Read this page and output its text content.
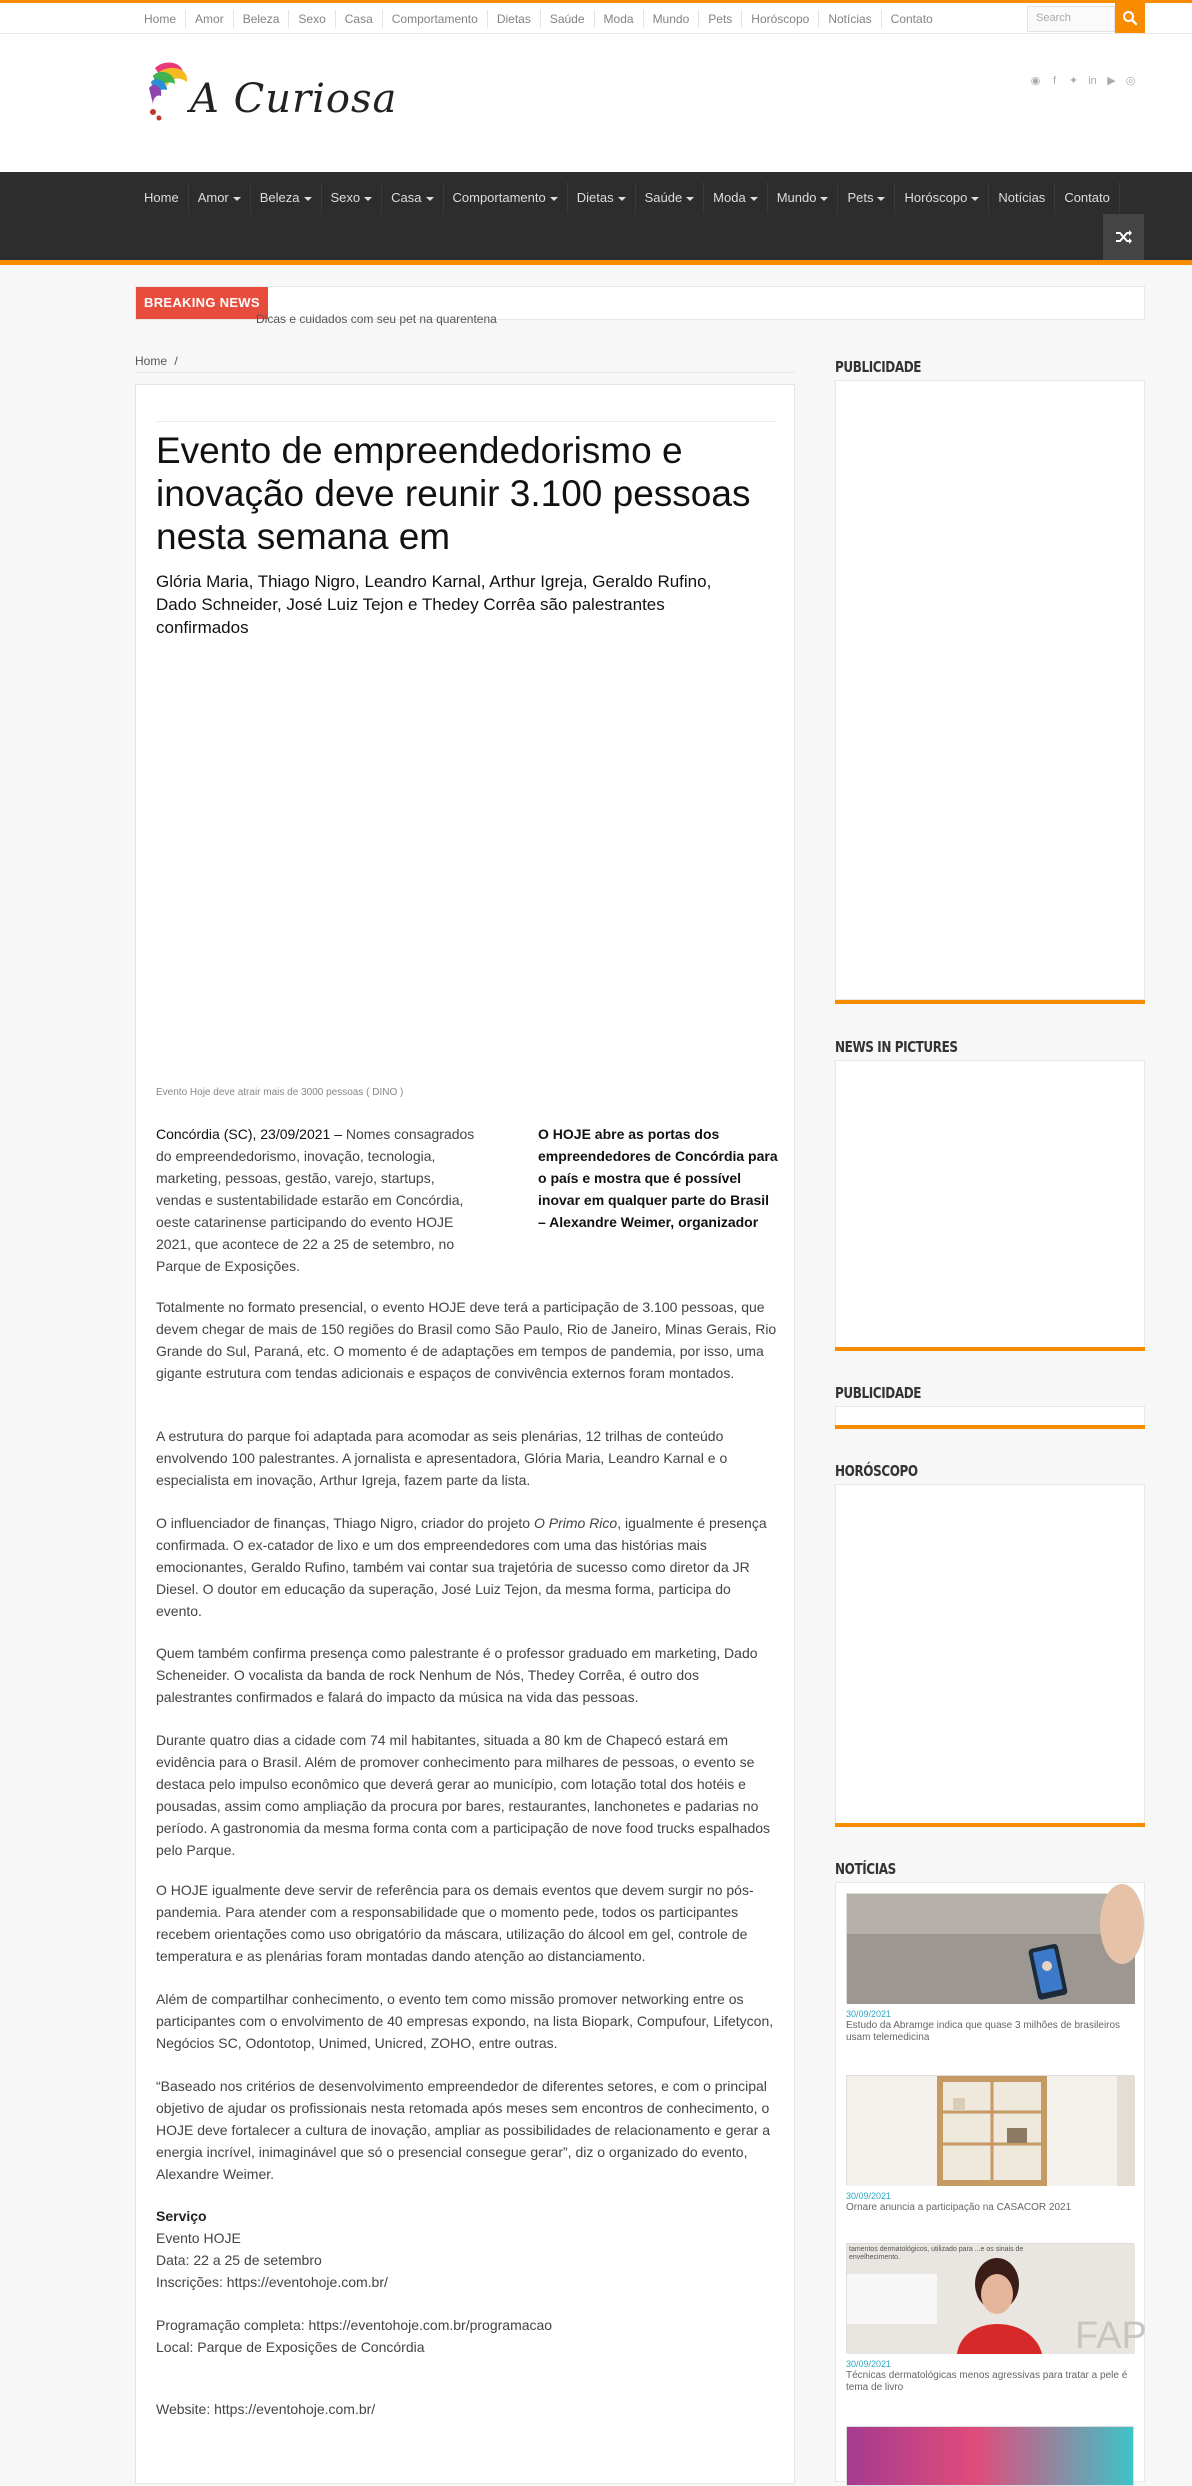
Home	Amor	Beleza	Sexo	Casa	Comportamento	Dietas	Saúde	Moda	Mundo	Pets	Horóscopo	Notícias	Contato	Search
◉	f	✦ in ▶ ◎
A Curiosa
Home	Amor	Beleza	Sexo	Casa	Comportamento	Dietas	Saúde	Moda	Mundo	Pets	Horóscopo	Notícias	Contato
BREAKING NEWS
Dicas e cuidados com seu pet na quarentena
Home /
Evento de empreendedorismo e inovação deve reunir 3.100 pessoas nesta semana em
Glória Maria, Thiago Nigro, Leandro Karnal, Arthur Igreja, Geraldo Rufino, Dado Schneider, José Luiz Tejon e Thedey Corrêa são palestrantes confirmados
Evento Hoje deve atrair mais de 3000 pessoas ( DINO )
Concórdia (SC), 23/09/2021 – Nomes consagrados do empreendedorismo, inovação, tecnologia, marketing, pessoas, gestão, varejo, startups, vendas e sustentabilidade estarão em Concórdia, oeste catarinense participando do evento HOJE 2021, que acontece de 22 a 25 de setembro, no Parque de Exposições.
O HOJE abre as portas dos empreendedores de Concórdia para o país e mostra que é possível inovar em qualquer parte do Brasil – Alexandre Weimer, organizador

Totalmente no formato presencial, o evento HOJE deve terá a participação de 3.100 pessoas, que devem chegar de mais de 150 regiões do Brasil como São Paulo, Rio de Janeiro, Minas Gerais, Rio Grande do Sul, Paraná, etc. O momento é de adaptações em tempos de pandemia, por isso, uma gigante estrutura com tendas adicionais e espaços de convivência externos foram montados.

A estrutura do parque foi adaptada para acomodar as seis plenárias, 12 trilhas de conteúdo envolvendo 100 palestrantes. A jornalista e apresentadora, Glória Maria, Leandro Karnal e o especialista em inovação, Arthur Igreja, fazem parte da lista.

O influenciador de finanças, Thiago Nigro, criador do projeto O Primo Rico, igualmente é presença confirmada. O ex-catador de lixo e um dos empreendedores com uma das histórias mais emocionantes, Geraldo Rufino, também vai contar sua trajetória de sucesso como diretor da JR Diesel. O doutor em educação da superação, José Luiz Tejon, da mesma forma, participa do evento.

Quem também confirma presença como palestrante é o professor graduado em marketing, Dado Scheneider. O vocalista da banda de rock Nenhum de Nós, Thedey Corrêa, é outro dos palestrantes confirmados e falará do impacto da música na vida das pessoas.

Durante quatro dias a cidade com 74 mil habitantes, situada a 80 km de Chapecó estará em evidência para o Brasil. Além de promover conhecimento para milhares de pessoas, o evento se destaca pelo impulso econômico que deverá gerar ao município, com lotação total dos hotéis e pousadas, assim como ampliação da procura por bares, restaurantes, lanchonetes e padarias no período. A gastronomia da mesma forma conta com a participação de nove food trucks espalhados pelo Parque.

O HOJE igualmente deve servir de referência para os demais eventos que devem surgir no pós-pandemia. Para atender com a responsabilidade que o momento pede, todos os participantes recebem orientações como uso obrigatório da máscara, utilização do álcool em gel, controle de temperatura e as plenárias foram montadas dando atenção ao distanciamento.

Além de compartilhar conhecimento, o evento tem como missão promover networking entre os participantes com o envolvimento de 40 empresas expondo, na lista Biopark, Compufour, Lifetycon, Negócios SC, Odontotop, Unimed, Unicred, ZOHO, entre outras.

“Baseado nos critérios de desenvolvimento empreendedor de diferentes setores, e com o principal objetivo de ajudar os profissionais nesta retomada após meses sem encontros de conhecimento, o HOJE deve fortalecer a cultura de inovação, ampliar as possibilidades de relacionamento e gerar a energia incrível, inimaginável que só o presencial consegue gerar”, diz o organizado do evento, Alexandre Weimer.

Serviço
Evento HOJE
Data: 22 a 25 de setembro
Inscrições: https://eventohoje.com.br/
Programação completa: https://eventohoje.com.br/programacao
Local: Parque de Exposições de Concórdia
Website: https://eventohoje.com.br/
PUBLICIDADE
NEWS IN PICTURES
PUBLICIDADE
HORÓSCOPO
NOTÍCIAS
30/09/2021
Estudo da Abramge indica que quase 3 milhões de brasileiros usam telemedicina
30/09/2021
Ornare anuncia a participação na CASACOR 2021
FAP
tamentos dermatológicos, utilizado para ...e os sinais de envelhecimento.
30/09/2021
Técnicas dermatológicas menos agressivas para tratar a pele é tema de livro
